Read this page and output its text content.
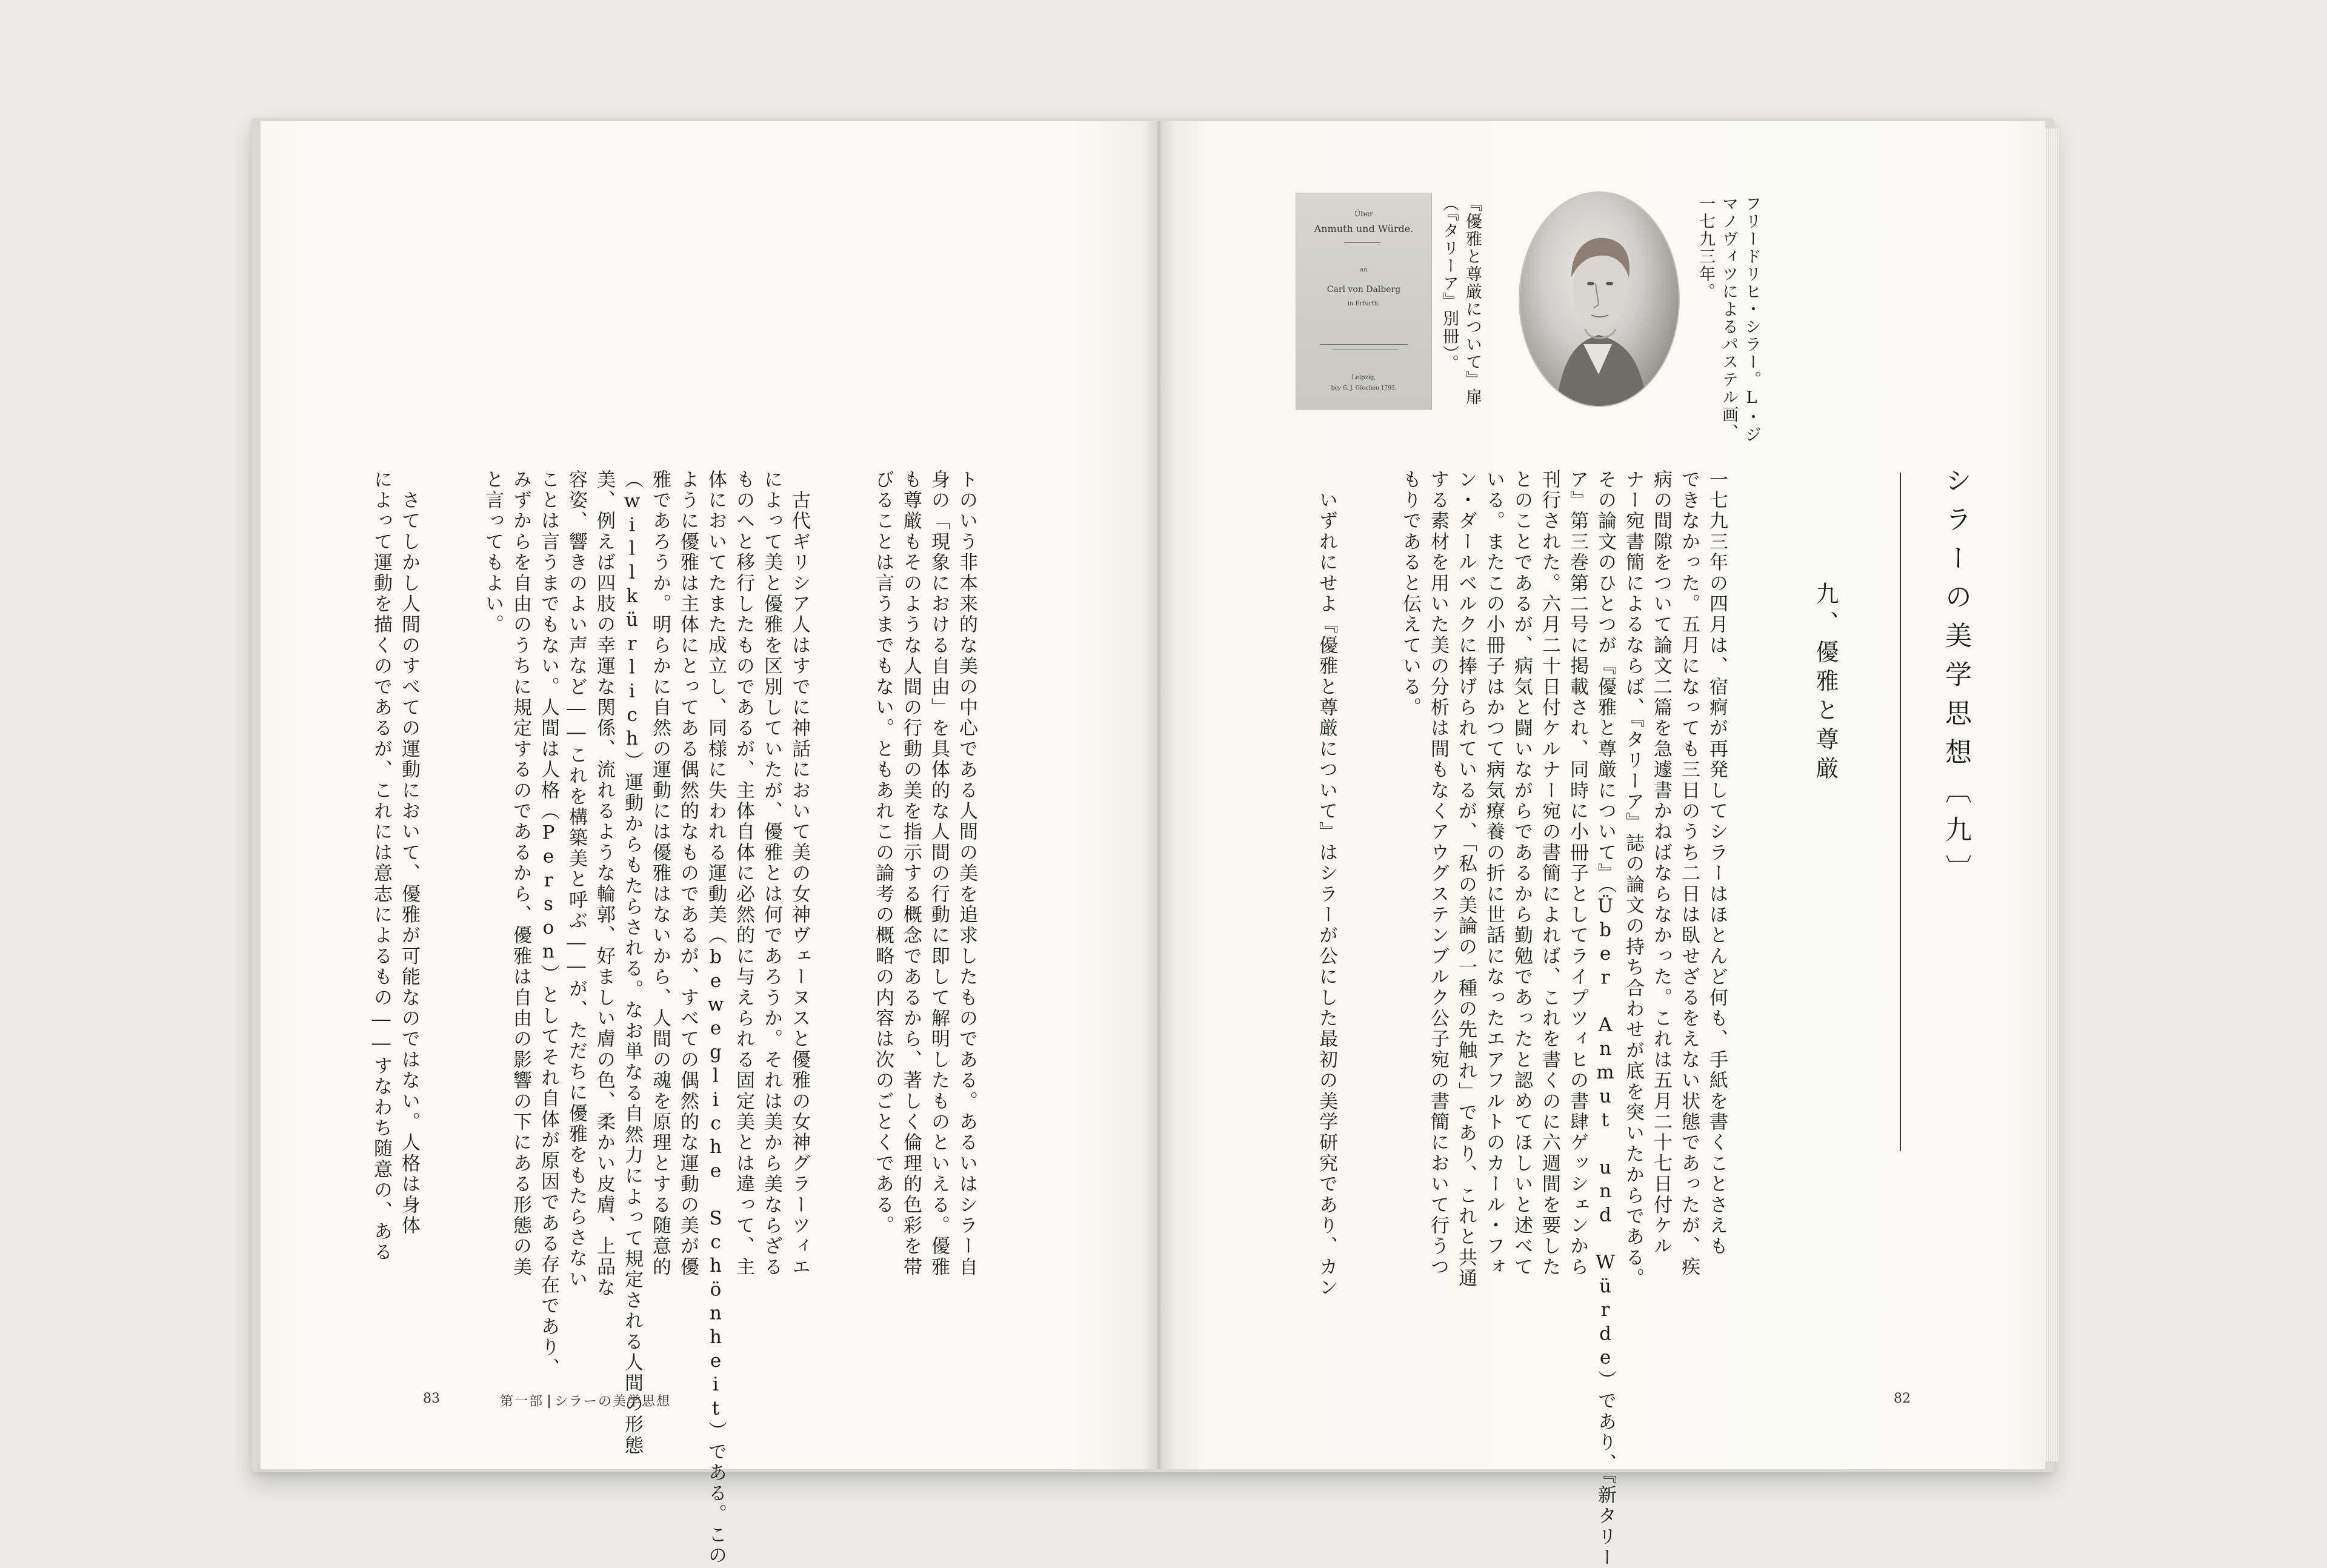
トのいう非本来的な美の中心である人間の美を追求したものである。あるいはシラー自
身の「現象における自由」を具体的な人間の行動に即して解明したものといえる。優雅
も尊厳もそのような人間の行動の美を指示する概念であるから、著しく倫理的色彩を帯
びることは言うまでもない。ともあれこの論考の概略の内容は次のごとくである。

　古代ギリシア人はすでに神話において美の女神ヴェーヌスと優雅の女神グラーツィエ
によって美と優雅を区別していたが、優雅とは何であろうか。それは美から美ならざる
ものへと移行したものであるが、主体自体に必然的に与えられる固定美とは違って、主
体においてたまた成立し、同様に失われる運動美（bewegliche
ように優雅は主体にとってある偶然的なものであるが、すべての偶然的な運動の美が優
雅であろうか。明らかに自然の運動には優雅はないから、人間の魂を原理とする随意的
（willkürlich）運動からもたらされる。なお単なる自然力によって規定される人間の形態
美、例えば四肢の幸運な関係、流れるような輪郭、好ましい膚の色、柔かい皮膚、上品な
容姿、響きのよい声など――これを構築美と呼ぶ――が、ただちに優雅をもたらさない
ことは言うまでもない。人間は人格（Person）としてそれ自体が原因である存在であり、
みずからを自由のうちに規定するのであるから、優雅は自由の影響の下にある形態の美
と言ってもよい。

　さてしかし人間のすべての運動において、優雅が可能なのではない。人格は身体
によって運動を描くのであるが、これには意志によるもの――すなわち随意の、ある

83	第一部 シラーの美学思想
Über
Anmuth und Würde.
an
Carl von Dalberg
in Erfurth.
Leipzig,
bey G. J. Göschen 1793.	『優雅と尊厳について』扉
（『タリーア』別冊）。	フリードリヒ・シラー。L・ジ
マノヴィツによるパステル画、
一七九三年。
シラーの美学思想〔九〕
九、優雅と尊厳

一七九三年の四月は、宿痾が再発してシラーはほとんど何も、手紙を書くことさえも
できなかった。五月になっても三日のうち二日は臥せざるをえない状態であったが、疾
病の間隙をついて論文二篇を急遽書かねばならなかった。これは五月二十七日付ケル
ナー宛書簡によるならば、『タリーア』誌の論文の持ち合わせが底を突いたからである。
その論文のひとつが『優雅と尊厳について』（Über Anmut und
ア』第三巻第二号に掲載され、同時に小冊子としてライプツィヒの書肆ゲッシェンから
刊行された。六月二十日付ケルナー宛の書簡によれば、これを書くのに六週間を要した
とのことであるが、病気と闘いながらであるから勤勉であったと認めてほしいと述べて
いる。またこの小冊子はかつて病気療養の折に世話になったエアフルトのカール・フォ
ン・ダールベルクに捧げられているが、「私の美論の一種の先触れ」であり、これと共通
する素材を用いた美の分析は間もなくアウグステンブルク公子宛の書簡において行うつ
もりであると伝えている。

　いずれにせよ『優雅と尊厳について』はシラーが公にした最初の美学研究であり、カン

82
